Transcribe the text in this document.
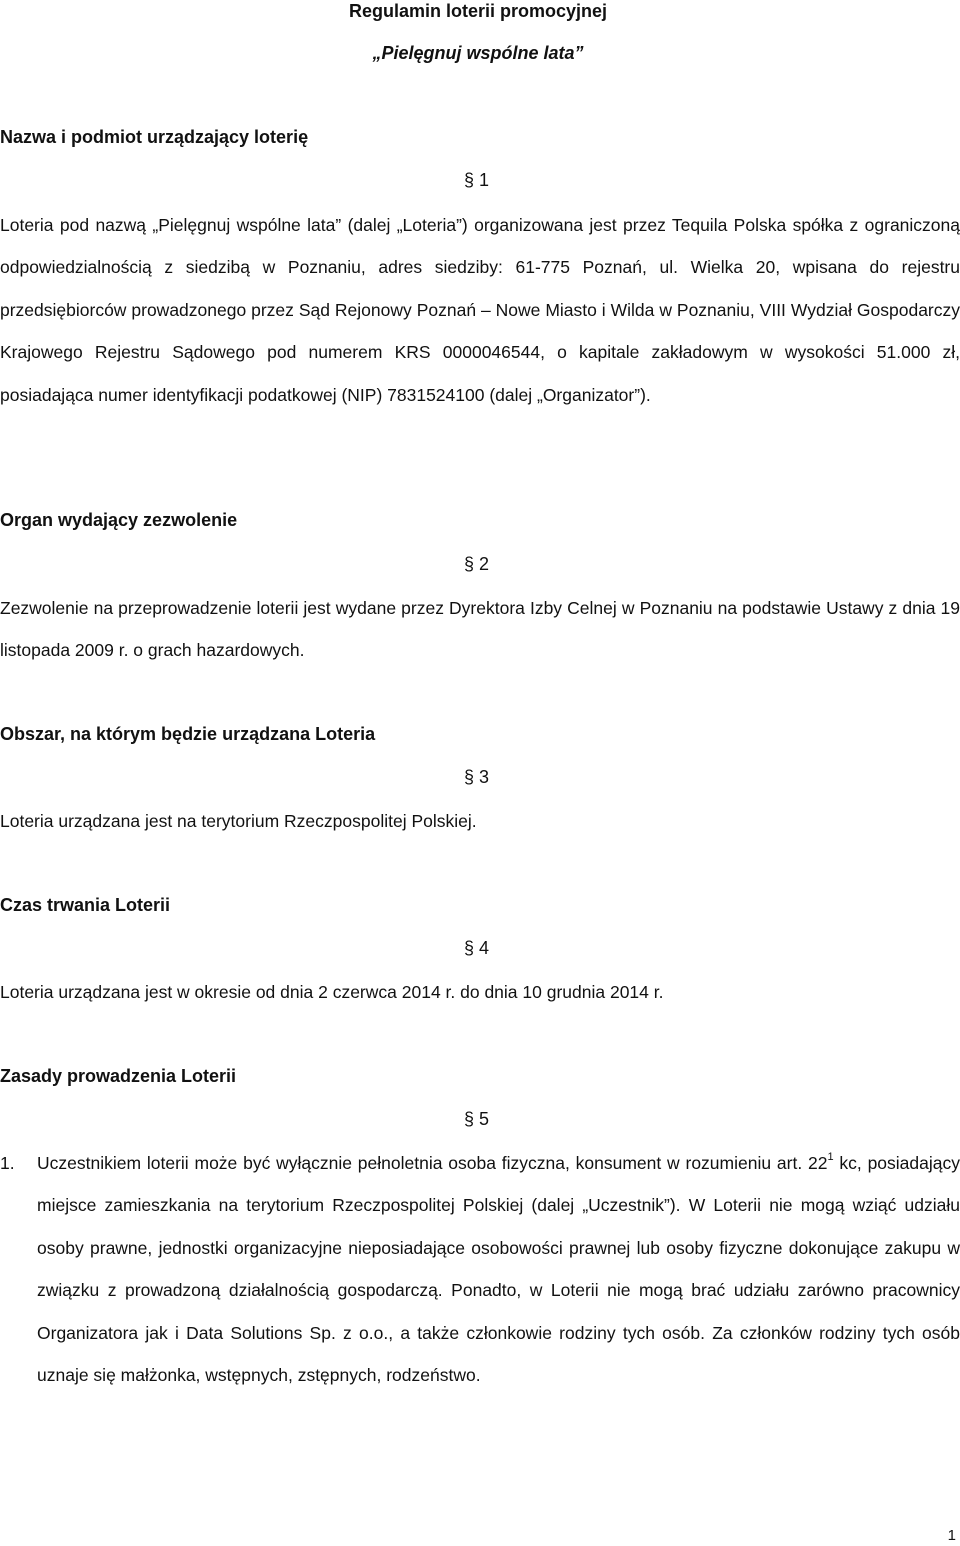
Regulamin loterii promocyjnej

„Pielęgnuj wspólne lata”

Nazwa i podmiot urządzający loterię

§ 1

Loteria pod nazwą „Pielęgnuj wspólne lata” (dalej „Loteria”) organizowana jest przez Tequila Polska spółka z ograniczoną odpowiedzialnością z siedzibą w Poznaniu, adres siedziby: 61-775 Poznań, ul. Wielka 20, wpisana do rejestru przedsiębiorców prowadzonego przez Sąd Rejonowy Poznań – Nowe Miasto i Wilda w Poznaniu, VIII Wydział Gospodarczy Krajowego Rejestru Sądowego pod numerem KRS 0000046544, o kapitale zakładowym w wysokości 51.000 zł, posiadająca numer identyfikacji podatkowej (NIP) 7831524100 (dalej „Organizator”).

Organ wydający zezwolenie

§ 2

Zezwolenie na przeprowadzenie loterii jest wydane przez Dyrektora Izby Celnej w Poznaniu na podstawie Ustawy z dnia 19 listopada 2009 r. o grach hazardowych.

Obszar, na którym będzie urządzana Loteria

§ 3

Loteria urządzana jest na terytorium Rzeczpospolitej Polskiej.

Czas trwania Loterii

§ 4

Loteria urządzana jest w okresie od dnia 2 czerwca 2014 r. do dnia 10 grudnia 2014 r.

Zasady prowadzenia Loterii

§ 5

1. Uczestnikiem loterii może być wyłącznie pełnoletnia osoba fizyczna, konsument w rozumieniu art. $22^1$ kc, posiadający miejsce zamieszkania na terytorium Rzeczpospolitej Polskiej (dalej „Uczestnik”). W Loterii nie mogą wziąć udziału osoby prawne, jednostki organizacyjne nieposiadające osobowości prawnej lub osoby fizyczne dokonujące zakupu w związku z prowadzoną działalnością gospodarczą. Ponadto, w Loterii nie mogą brać udziału zarówno pracownicy Organizatora jak i Data Solutions Sp. z o.o., a także członkowie rodziny tych osób. Za członków rodziny tych osób uznaje się małżonka, wstępnych, zstępnych, rodzeństwo.

1
